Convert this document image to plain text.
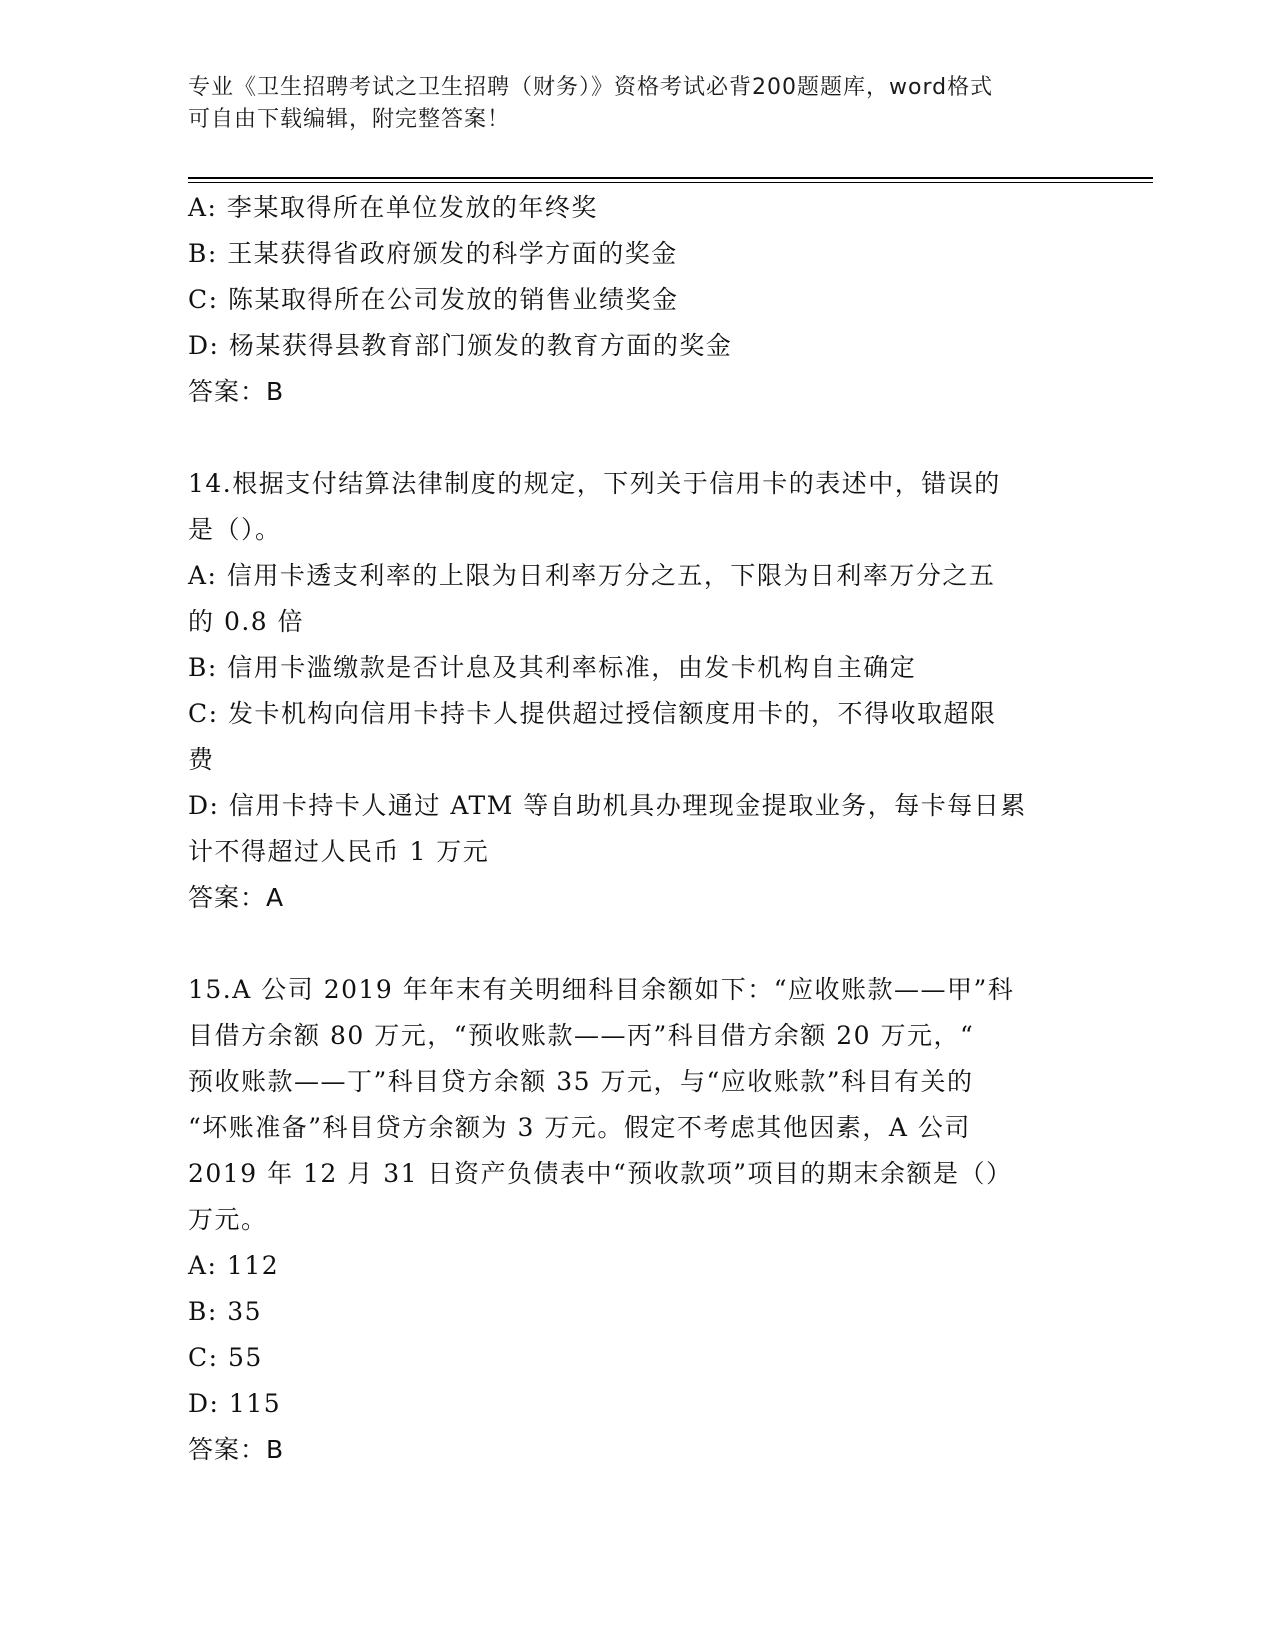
专业《卫生招聘考试之卫生招聘（财务）》资格考试必背200题题库，word格式
可自由下载编辑，附完整答案！
A: 李某取得所在单位发放的年终奖
B: 王某获得省政府颁发的科学方面的奖金
C: 陈某取得所在公司发放的销售业绩奖金
D: 杨某获得县教育部门颁发的教育方面的奖金
答案：B
14.根据支付结算法律制度的规定，下列关于信用卡的表述中，错误的
是（）。
A: 信用卡透支利率的上限为日利率万分之五，下限为日利率万分之五
的 0.8 倍
B: 信用卡滥缴款是否计息及其利率标准，由发卡机构自主确定
C: 发卡机构向信用卡持卡人提供超过授信额度用卡的，不得收取超限
费
D: 信用卡持卡人通过 ATM 等自助机具办理现金提取业务，每卡每日累
计不得超过人民币 1 万元
答案：A
15.A 公司 2019 年年末有关明细科目余额如下：“应收账款——甲”科
目借方余额 80 万元，“预收账款——丙”科目借方余额 20 万元，“
预收账款——丁”科目贷方余额 35 万元，与“应收账款”科目有关的
“坏账准备”科目贷方余额为 3 万元。假定不考虑其他因素，A 公司
2019 年 12 月 31 日资产负债表中“预收款项”项目的期末余额是（）
万元。
A: 112
B: 35
C: 55
D: 115
答案：B
